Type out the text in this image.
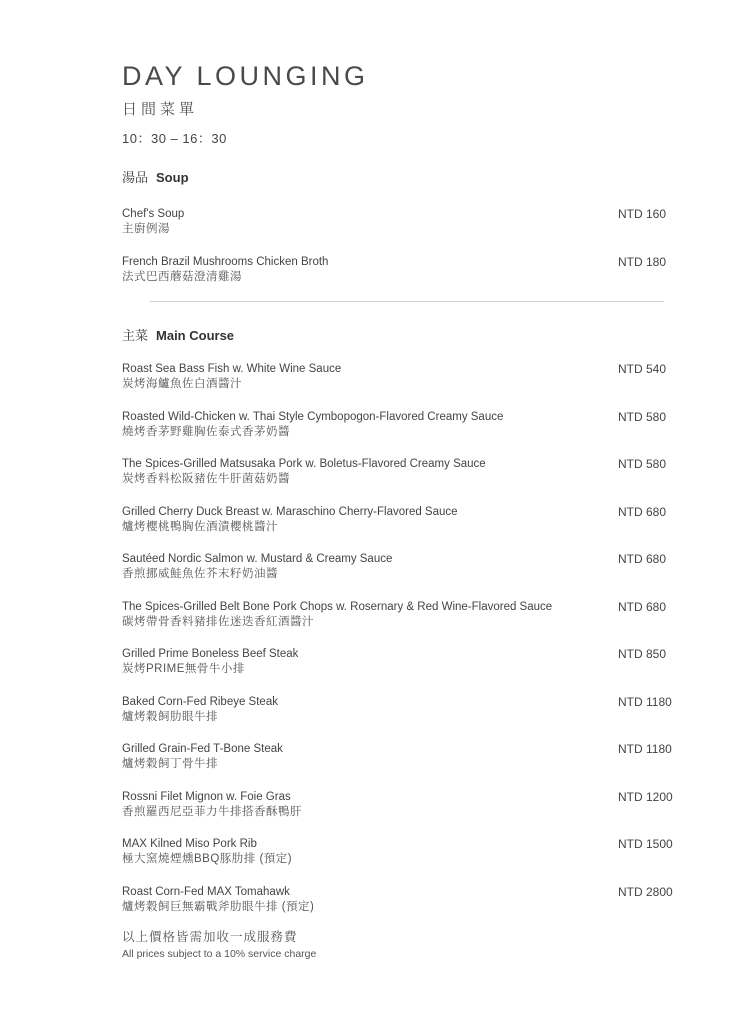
DAY LOUNGING
日間菜單
10：30 – 16：30
湯品 Soup
Chef's Soup
主廚例湯
NTD 160
French Brazil Mushrooms Chicken Broth
法式巴西蘑菇澄清雞湯
NTD 180
主菜 Main Course
Roast Sea Bass Fish w. White Wine Sauce
炭烤海鱸魚佐白酒醬汁
NTD 540
Roasted Wild-Chicken w. Thai Style Cymbopogon-Flavored Creamy Sauce
燒烤香茅野雞胸佐泰式香茅奶醬
NTD 580
The Spices-Grilled Matsusaka Pork w. Boletus-Flavored Creamy Sauce
炭烤香料松阪豬佐牛肝菌菇奶醬
NTD 580
Grilled Cherry Duck Breast w. Maraschino Cherry-Flavored Sauce
爐烤櫻桃鴨胸佐酒漬櫻桃醬汁
NTD 680
Sautéed Nordic Salmon w. Mustard & Creamy Sauce
香煎挪威鮭魚佐芥末籽奶油醬
NTD 680
The Spices-Grilled Belt Bone Pork Chops w. Rosernary & Red Wine-Flavored Sauce
碳烤帶骨香料豬排佐迷迭香紅酒醬汁
NTD 680
Grilled Prime Boneless Beef Steak
炭烤PRIME無骨牛小排
NTD 850
Baked Corn-Fed Ribeye Steak
爐烤穀飼肋眼牛排
NTD 1180
Grilled Grain-Fed T-Bone Steak
爐烤穀飼丁骨牛排
NTD 1180
Rossni Filet Mignon w. Foie Gras
香煎羅西尼亞菲力牛排搭香酥鴨肝
NTD 1200
MAX Kilned Miso Pork Rib
極大窯燒煙燻BBQ豚肋排 (預定)
NTD 1500
Roast Corn-Fed MAX Tomahawk
爐烤穀飼巨無霸戰斧肋眼牛排 (預定)
NTD 2800
以上價格皆需加收一成服務費
All prices subject to a 10% service charge
